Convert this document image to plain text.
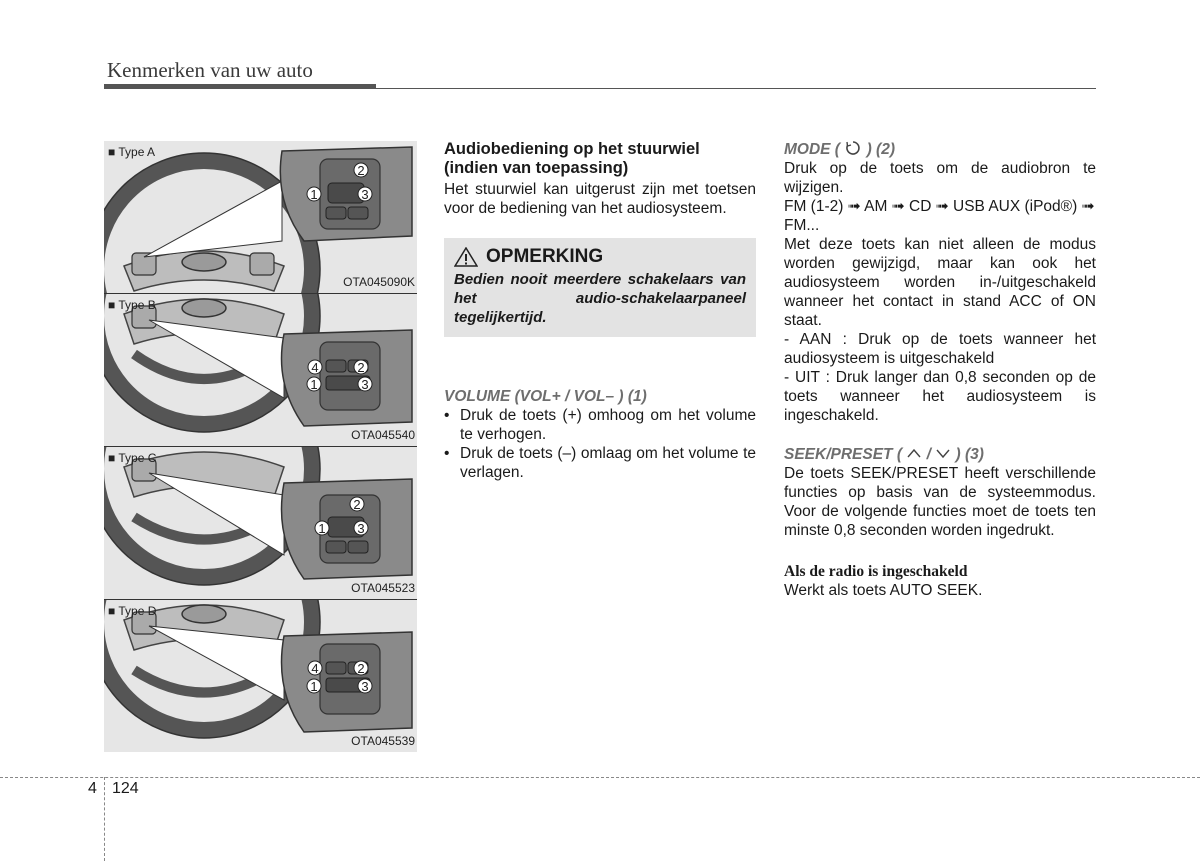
Kenmerken van uw auto
2
1	3
■ Type A
OTA045090K
4	2
1	3
■ Type B
OTA045540
2
1 3
■ Type C
OTA045523
4	2
1	3
■ Type D
OTA045539

Audiobediening op het stuurwiel (indien van toepassing)

Het stuurwiel kan uitgerust zijn met toetsen voor de bediening van het audiosysteem.

OPMERKING
Bedien nooit meerdere schakelaars van het audio-schakelaarpaneel tegelijkertijd.

VOLUME (VOL+ / VOL– ) (1)

• Druk de toets (+) omhoog om het volume te verhogen.
• Druk de toets (–) omlaag om het volume te verlagen.

MODE (  ) (2)

Druk op de toets om de audiobron te wijzigen.

FM (1-2) ➟ AM ➟ CD ➟ USB AUX (iPod®) ➟ FM...

Met deze toets kan niet alleen de modus worden gewijzigd, maar kan ook het audiosysteem worden in-/uitgeschakeld wanneer het contact in stand ACC of ON staat.

- AAN : Druk op de toets wanneer het audiosysteem is uitgeschakeld
- UIT : Druk langer dan 0,8 seconden op de toets wanneer het audiosysteem is ingeschakeld.

SEEK/PRESET (  /  ) (3)

De toets SEEK/PRESET heeft verschillende functies op basis van de systeemmodus. Voor de volgende functies moet de toets ten minste 0,8 seconden worden ingedrukt.

Als de radio is ingeschakeld

Werkt als toets AUTO SEEK.

4 124
